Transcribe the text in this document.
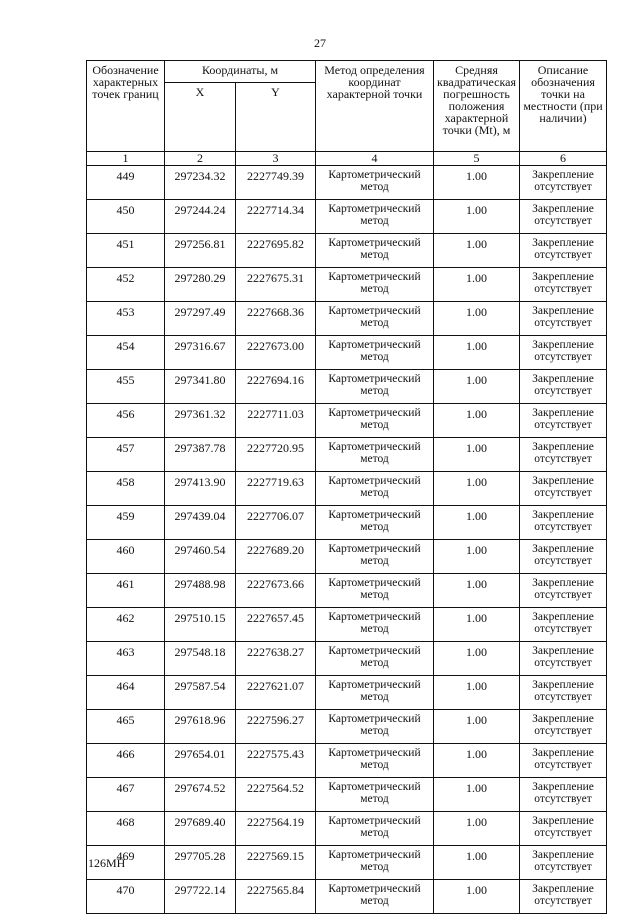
27
Обозначение характерных точек границ	Координаты, м		Метод определения координат характерной точки	Средняя квадратическая погрешность положения характерной точки (Mt), м	Описание обозначения точки на местности (при наличии)
	X	Y			
1	2	3	4	5	6
449	297234.32	2227749.39	Картометрический метод	1.00	Закрепление отсутствует
450	297244.24	2227714.34	Картометрический метод	1.00	Закрепление отсутствует
451	297256.81	2227695.82	Картометрический метод	1.00	Закрепление отсутствует
452	297280.29	2227675.31	Картометрический метод	1.00	Закрепление отсутствует
453	297297.49	2227668.36	Картометрический метод	1.00	Закрепление отсутствует
454	297316.67	2227673.00	Картометрический метод	1.00	Закрепление отсутствует
455	297341.80	2227694.16	Картометрический метод	1.00	Закрепление отсутствует
456	297361.32	2227711.03	Картометрический метод	1.00	Закрепление отсутствует
457	297387.78	2227720.95	Картометрический метод	1.00	Закрепление отсутствует
458	297413.90	2227719.63	Картометрический метод	1.00	Закрепление отсутствует
459	297439.04	2227706.07	Картометрический метод	1.00	Закрепление отсутствует
460	297460.54	2227689.20	Картометрический метод	1.00	Закрепление отсутствует
461	297488.98	2227673.66	Картометрический метод	1.00	Закрепление отсутствует
462	297510.15	2227657.45	Картометрический метод	1.00	Закрепление отсутствует
463	297548.18	2227638.27	Картометрический метод	1.00	Закрепление отсутствует
464	297587.54	2227621.07	Картометрический метод	1.00	Закрепление отсутствует
465	297618.96	2227596.27	Картометрический метод	1.00	Закрепление отсутствует
466	297654.01	2227575.43	Картометрический метод	1.00	Закрепление отсутствует
467	297674.52	2227564.52	Картометрический метод	1.00	Закрепление отсутствует
468	297689.40	2227564.19	Картометрический метод	1.00	Закрепление отсутствует
469	297705.28	2227569.15	Картометрический метод	1.00	Закрепление отсутствует
470	297722.14	2227565.84	Картометрический метод	1.00	Закрепление отсутствует
126МН
